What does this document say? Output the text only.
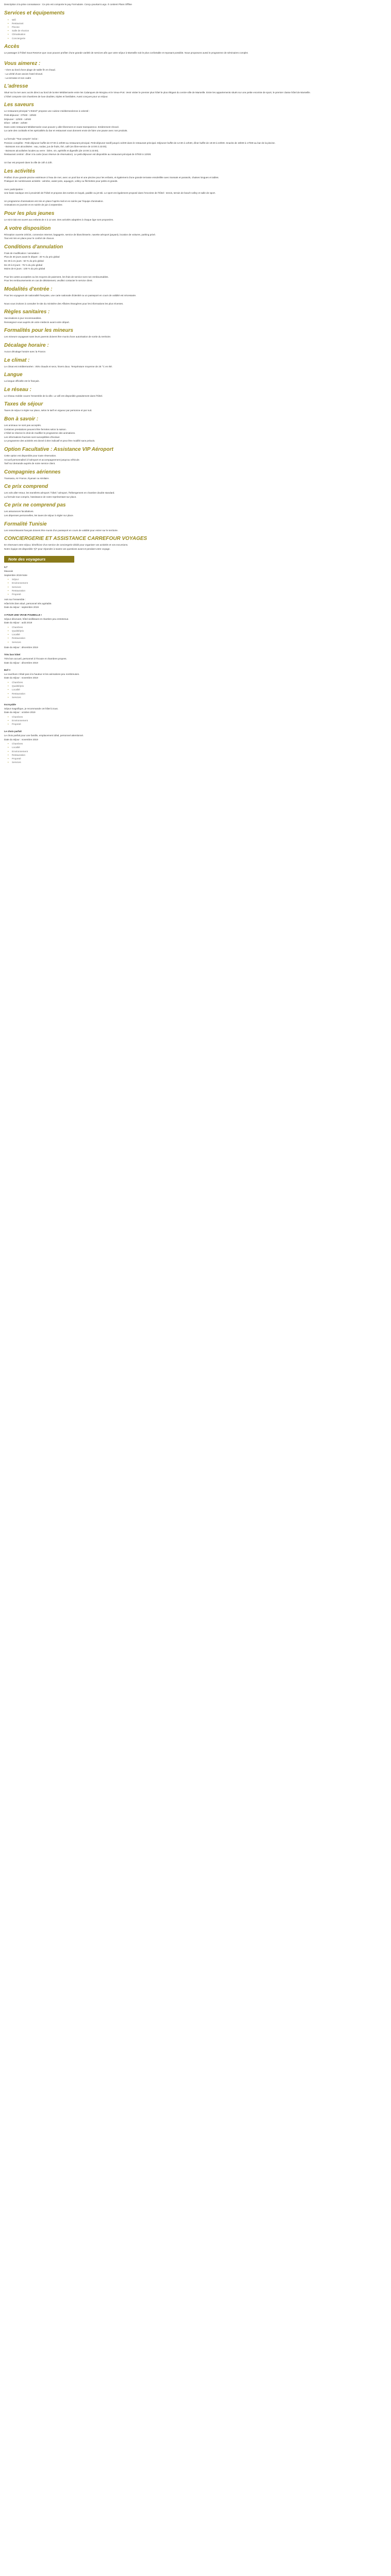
Description à la prise connaisance : Ce prix est comporte le pay Formulaire. Conçu pourtant Lego. Il contient Plans Offline

Services et équipements
• Wifi
• Restaurant
• Piscine
• Salle de réunion
• Climatisation
• Conciergerie
Accès

Le passager à l'hôtel Sous Reserve que cous pouvez profiter d'une grande variété de services afin que votre séjour à Marseille soit le plus confortable et reposant possible. Nous proposons aussi le programme de séminaires complet.

Vous aimerez :

- Vivre au bord d'une plage de sable fin et chaud.

- La vérité d'une ancien hotel rénové.

- La terrasse et son cadre

L'adresse

Situé sur la mer avec accès direct au bord de la Mer Méditerranée entre les Calanques de Morgiou et le Vieux-Port. Venir visiter le premier plus hôtel le plus élégant du centre-ville de Marseille. Entre les appartements situés sur une petite enceinte de sport, le premier classe hôtel de Marseille.

L'hôtel comporte 424 chambres de luxe doubles, triples et familiales. Aussi conçues pour un séjour.

Les saveurs

Le restaurant principal "L'Estrel" propose une cuisine méditerranéenne à volonté :

Petit-déjeuner : 07h00 - 10h00

Déjeuner : 12h00 - 14h00

Dîner : 19h30 - 22h00

Dans votre restaurant Méditerranée vous pouvez y aller librement en toute transparence. Entièrement rénové.

La carte des cocktails et les spécialités du bar et restaurant vous donnent envie de faire une pause avec nos produits.

La formule "Tout compris" inclut :

Pension complète : Petit-déjeuner buffet de 07:00 à 10h00 au restaurant principal. Petit-déjeuner tardif jusqu'à 11h00 dans le restaurant principal. Déjeuner buffet de 12:30 à 14h30, dîner buffet de 19:30 à 22h00. Snacks de 15h00 à 17h00 au bar de la piscine.

- Boissons non alcoolisées : eau, sodas, jus de fruits, thé, café (en libre-service de 10:00 à 23:00).

- Boissons alcoolisées locales au verre : bière, vin, apéritifs et digestifs (de 10:00 à 23:00).

Restaurant central : dîner à la carte (sous réserve de réservation). Le petit-déjeuner est disponible au restaurant principal de 07h00 à 11h00.

Un bar est proposé dans la ville de 10h à 23h.

Les activités

Profitez d'une grande piscine extérieure à l'eau de mer, avec un pool bar et une piscine pour les enfants, et également d'une grande terrasse ensoleillée avec transats et parasols, chaises longues et tables.

Pratiquez de nombreuses activités : aérobic, water-polo, aquagym, volley ou fléchettes pour petits et grands.

Avec participation :

Une base nautique est à proximité de l'hôtel et propose des sorties en kayak, paddle ou jet-ski. Le sport est également proposé dans l'enceinte de l'hôtel : tennis, terrain de beach-volley et salle de sport.

Un programme d'animations est mis en place l'après-midi et en soirée par l'équipe d'animation.

Animations en journée et en soirée de juin à septembre.

Pour les plus jeunes

Le mini-club est ouvert aux enfants de 4 à 12 ans. Des activités adaptées à chaque âge sont proposées.

A votre disposition

Réception ouverte 24h/24, connexion Internet, bagagerie, service de blanchisserie, navette aéroport (payant), location de voitures, parking privé.

Tout est mis en place pour le confort de chacun.

Conditions d'annulation

Frais de modification / annulation :

Plus de 30 jours avant le départ : 30 % du prix global

De 30 à 21 jours : 50 % du prix global

De 20 à 8 jours : 75 % du prix global

Moins de 8 jours : 100 % du prix global

Pour les cartes acceptées ou les moyens de paiement, les frais de service sont non remboursables.

Pour les remboursements en cas de désistement, veuillez contacter le service client.

Modalités d'entrée :

Pour les voyageurs de nationalité française, une carte nationale d'identité ou un passeport en cours de validité est nécessaire.

Nous vous invitons à consulter le site du ministère des Affaires étrangères pour les informations les plus récentes.

Règles sanitaires :

Vaccinations à jour recommandées.

Renseignez-vous auprès de votre médecin avant votre départ.

Formalités pour les mineurs

Les mineurs voyageant sans leurs parents doivent être munis d'une autorisation de sortie du territoire.

Décalage horaire :

Aucun décalage horaire avec la France.

Le climat :

Le climat est méditerranéen : étés chauds et secs, hivers doux. Température moyenne de 25 °C en été.

Langue

La langue officielle est le français.

Le réseau :

Le réseau mobile couvre l'ensemble de la ville. Le wifi est disponible gratuitement dans l'hôtel.

Taxes de séjour

Taxes de séjour à régler sur place, selon le tarif en vigueur par personne et par nuit.

Bon à savoir :

Les animaux ne sont pas acceptés.

Certaines prestations peuvent être fermées selon la saison.

L'hôtel se réserve le droit de modifier le programme des animations.

Les informations fournies sont susceptibles d'évoluer.

Le programme des activités est donné à titre indicatif et peut être modifié sans préavis.

Option Facultative : Assistance VIP Aéroport

Cette option est disponible pour toute réservation.

Accueil personnalisé à l'aéroport et accompagnement jusqu'au véhicule.

Tarif sur demande auprès de notre service client.

Compagnies aériennes

Transavia, Air France, Ryanair ou similaire.

Ce prix comprend

Les vols aller-retour, les transferts aéroport / hôtel / aéroport, l'hébergement en chambre double standard.

La formule tout compris, l'assistance de notre représentant sur place.

Ce prix ne comprend pas

Les assurances facultatives.

Les dépenses personnelles, les taxes de séjour à régler sur place.

Formalité Tunisie

Les ressortissants français doivent être munis d'un passeport en cours de validité pour entrer sur le territoire.

CONCIERGERIE ET ASSISTANCE CARREFOUR VOYAGES

En réservant votre séjour, bénéficiez d'un service de conciergerie dédié pour organiser vos activités et vos excursions.

Notre équipe est disponible 7j/7 pour répondre à toutes vos questions avant et pendant votre voyage.

Note des voyageurs

4,7

Mauvais

Septembre 2019 Note

• Séjour
• Environnement
• Services
• Restauration
• Propreté

Avis sur l'ensemble :

Hôtel très bien situé, personnel très agréable.

Date du séjour : septembre 2019

A POUR UNE VRAIE POUBELLE !

Séjour décevant, hôtel vieillissant et chambre peu entretenue.

Date du séjour : août 2019

• Chambres
• Qualité/prix
• Localité
• Restauration
• Services

Date du séjour : décembre 2019

Très bon hôtel

Très bon accueil, personnel à l'écoute et chambres propres.

Date du séjour : décembre 2019

Bof !!

La nourriture n'était pas à la hauteur et les animations peu nombreuses.

Date du séjour : novembre 2019

• Chambres
• Qualité/prix
• Localité
• Restauration
• Services

Incroyable

Séjour magnifique, je recommande cet hôtel à tous.

Date du séjour : octobre 2019

• Chambres
• Environnement
• Propreté

Le choix parfait

Le choix parfait pour une famille, emplacement idéal, personnel attentionné.

Date du séjour : novembre 2019

• Chambres
• Localité
• Environnement
• Restauration
• Propreté
• Services
